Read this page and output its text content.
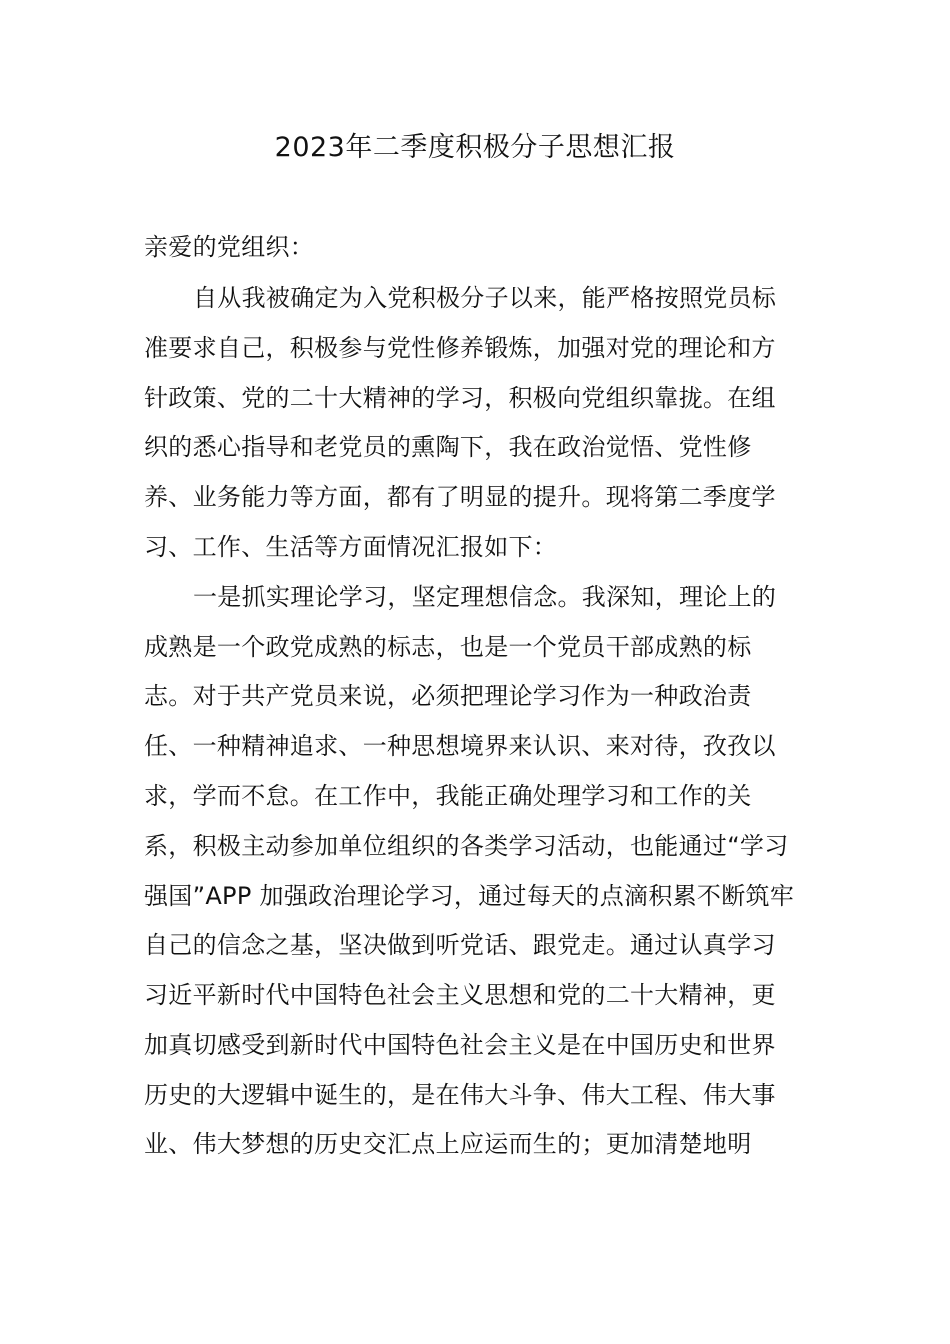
2023年二季度积极分子思想汇报
亲爱的党组织：
自从我被确定为入党积极分子以来，能严格按照党员标
准要求自己，积极参与党性修养锻炼，加强对党的理论和方
针政策、党的二十大精神的学习，积极向党组织靠拢。在组
织的悉心指导和老党员的熏陶下，我在政治觉悟、党性修
养、业务能力等方面，都有了明显的提升。现将第二季度学
习、工作、生活等方面情况汇报如下：
一是抓实理论学习，坚定理想信念。我深知，理论上的
成熟是一个政党成熟的标志，也是一个党员干部成熟的标
志。对于共产党员来说，必须把理论学习作为一种政治责
任、一种精神追求、一种思想境界来认识、来对待，孜孜以
求，学而不怠。在工作中，我能正确处理学习和工作的关
系，积极主动参加单位组织的各类学习活动，也能通过“学习
强国”APP 加强政治理论学习，通过每天的点滴积累不断筑牢
自己的信念之基，坚决做到听党话、跟党走。通过认真学习
习近平新时代中国特色社会主义思想和党的二十大精神，更
加真切感受到新时代中国特色社会主义是在中国历史和世界
历史的大逻辑中诞生的，是在伟大斗争、伟大工程、伟大事
业、伟大梦想的历史交汇点上应运而生的；更加清楚地明
